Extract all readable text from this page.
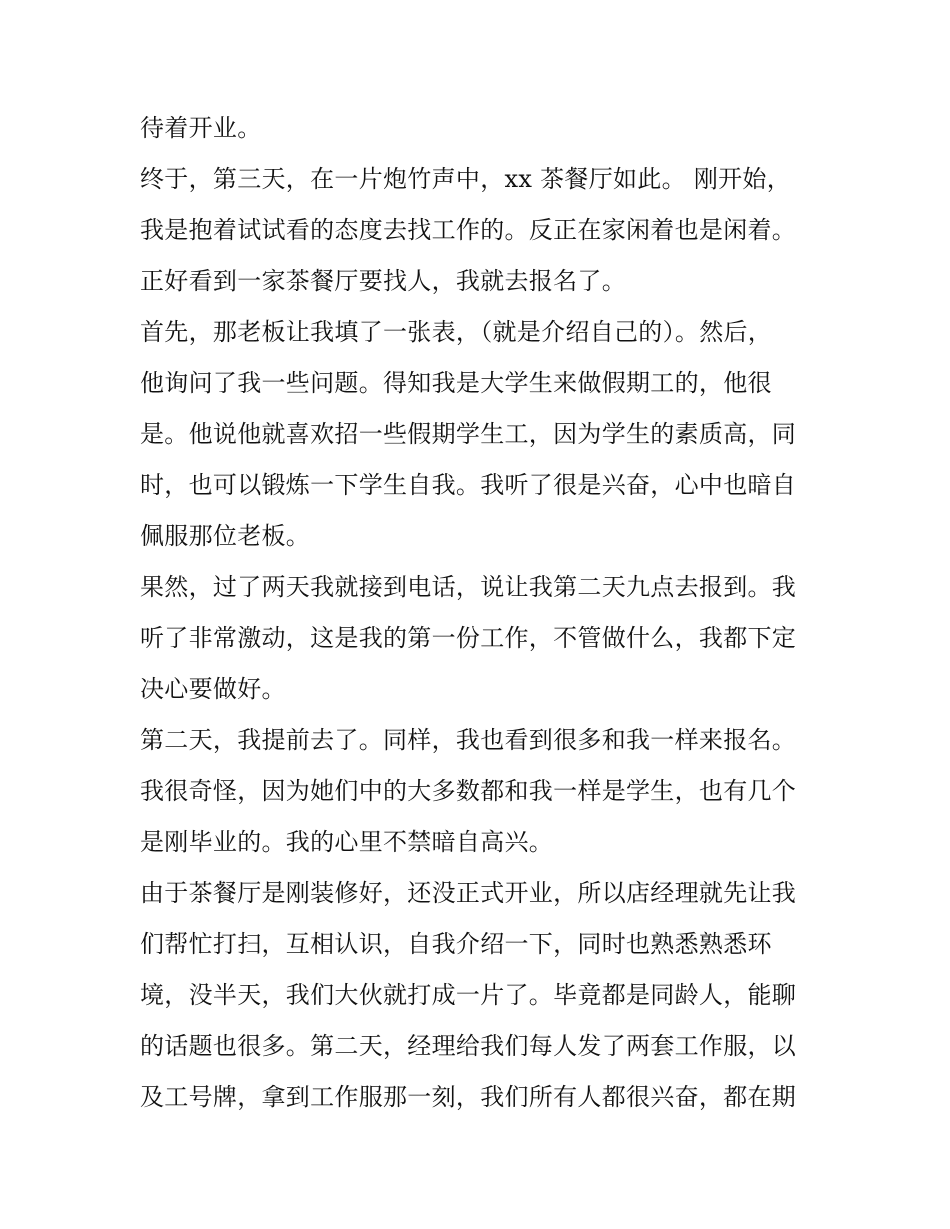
待着开业。
终于，第三天，在一片炮竹声中，xx 茶餐厅如此。 刚开始，
我是抱着试试看的态度去找工作的。反正在家闲着也是闲着。
正好看到一家茶餐厅要找人，我就去报名了。
首先，那老板让我填了一张表，（就是介绍自己的）。然后，
他询问了我一些问题。得知我是大学生来做假期工的，他很
是。他说他就喜欢招一些假期学生工，因为学生的素质高，同
时，也可以锻炼一下学生自我。我听了很是兴奋，心中也暗自
佩服那位老板。
果然，过了两天我就接到电话，说让我第二天九点去报到。我
听了非常激动，这是我的第一份工作，不管做什么，我都下定
决心要做好。
第二天，我提前去了。同样，我也看到很多和我一样来报名。
我很奇怪，因为她们中的大多数都和我一样是学生，也有几个
是刚毕业的。我的心里不禁暗自高兴。
由于茶餐厅是刚装修好，还没正式开业，所以店经理就先让我
们帮忙打扫，互相认识，自我介绍一下，同时也熟悉熟悉环
境，没半天，我们大伙就打成一片了。毕竟都是同龄人，能聊
的话题也很多。第二天，经理给我们每人发了两套工作服，以
及工号牌，拿到工作服那一刻，我们所有人都很兴奋，都在期
